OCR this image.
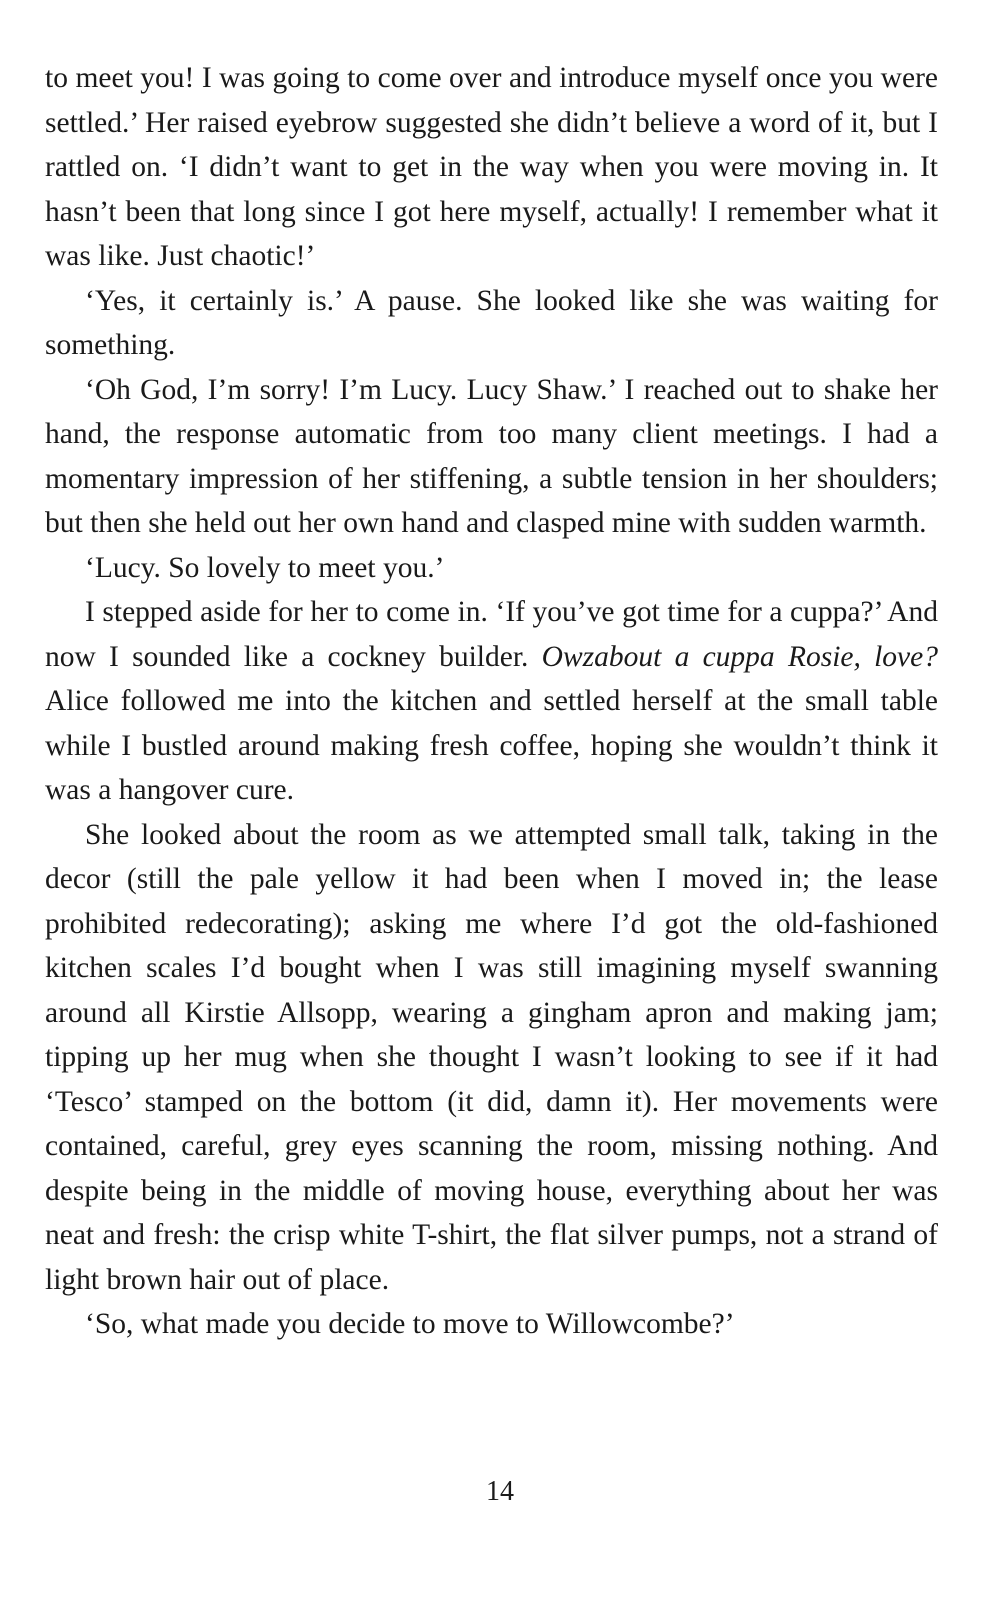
to meet you! I was going to come over and introduce myself once you were settled.’ Her raised eyebrow suggested she didn’t believe a word of it, but I rattled on. ‘I didn’t want to get in the way when you were moving in. It hasn’t been that long since I got here myself, actually! I remember what it was like. Just chaotic!’

‘Yes, it certainly is.’ A pause. She looked like she was waiting for something.

‘Oh God, I’m sorry! I’m Lucy. Lucy Shaw.’ I reached out to shake her hand, the response automatic from too many client meetings. I had a momentary impression of her stiffening, a subtle tension in her shoulders; but then she held out her own hand and clasped mine with sudden warmth.

‘Lucy. So lovely to meet you.’

I stepped aside for her to come in. ‘If you’ve got time for a cuppa?’ And now I sounded like a cockney builder. Owzabout a cuppa Rosie, love? Alice followed me into the kitchen and settled herself at the small table while I bustled around making fresh coffee, hoping she wouldn’t think it was a hangover cure.

She looked about the room as we attempted small talk, taking in the decor (still the pale yellow it had been when I moved in; the lease prohibited redecorating); asking me where I’d got the old-fashioned kitchen scales I’d bought when I was still imagining myself swanning around all Kirstie Allsopp, wearing a gingham apron and making jam; tipping up her mug when she thought I wasn’t looking to see if it had ‘Tesco’ stamped on the bottom (it did, damn it). Her movements were contained, careful, grey eyes scanning the room, missing nothing. And despite being in the middle of moving house, everything about her was neat and fresh: the crisp white T-shirt, the flat silver pumps, not a strand of light brown hair out of place.

‘So, what made you decide to move to Willowcombe?’

14
